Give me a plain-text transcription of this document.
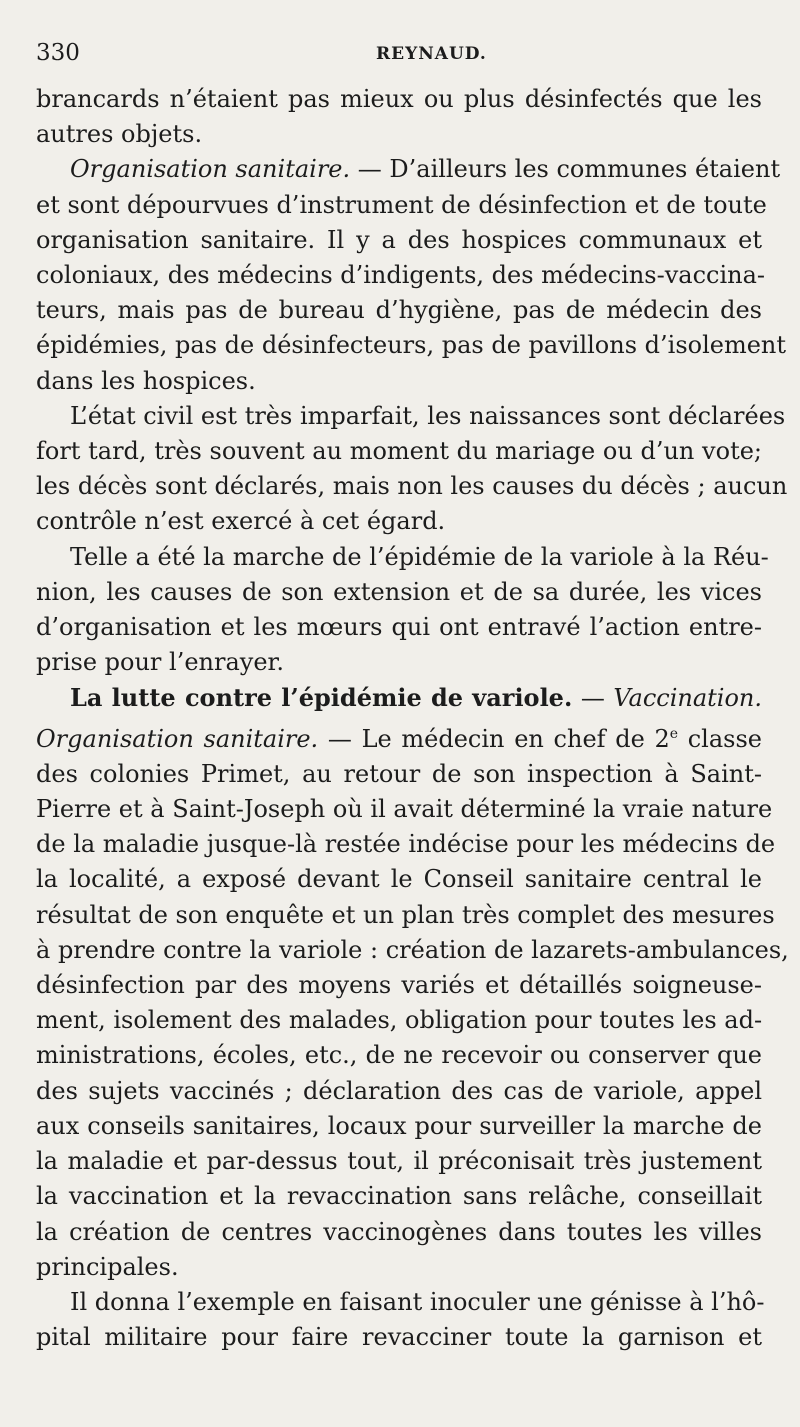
330	REYNAUD.
brancards n’étaient pas mieux ou plus désinfectés que les
autres objets.
Organisation sanitaire. — D’ailleurs les communes étaient
et sont dépourvues d’instrument de désinfection et de toute
organisation sanitaire. Il y a des hospices communaux et
coloniaux, des médecins d’indigents, des médecins-vaccina-
teurs, mais pas de bureau d’hygiène, pas de médecin des
épidémies, pas de désinfecteurs, pas de pavillons d’isolement
dans les hospices.
L’état civil est très imparfait, les naissances sont déclarées
fort tard, très souvent au moment du mariage ou d’un vote;
les décès sont déclarés, mais non les causes du décès ; aucun
contrôle n’est exercé à cet égard.
Telle a été la marche de l’épidémie de la variole à la Réu-
nion, les causes de son extension et de sa durée, les vices
d’organisation et les mœurs qui ont entravé l’action entre-
prise pour l’enrayer.
La lutte contre l’épidémie de variole. — Vaccination.
Organisation sanitaire. — Le médecin en chef de 2e classe
des colonies Primet, au retour de son inspection à Saint-
Pierre et à Saint-Joseph où il avait déterminé la vraie nature
de la maladie jusque-là restée indécise pour les médecins de
la localité, a exposé devant le Conseil sanitaire central le
résultat de son enquête et un plan très complet des mesures
à prendre contre la variole : création de lazarets-ambulances,
désinfection par des moyens variés et détaillés soigneuse-
ment, isolement des malades, obligation pour toutes les ad-
ministrations, écoles, etc., de ne recevoir ou conserver que
des sujets vaccinés ; déclaration des cas de variole, appel
aux conseils sanitaires, locaux pour surveiller la marche de
la maladie et par-dessus tout, il préconisait très justement
la vaccination et la revaccination sans relâche, conseillait
la création de centres vaccinogènes dans toutes les villes
principales.
Il donna l’exemple en faisant inoculer une génisse à l’hô-
pital militaire pour faire revacciner toute la garnison et
